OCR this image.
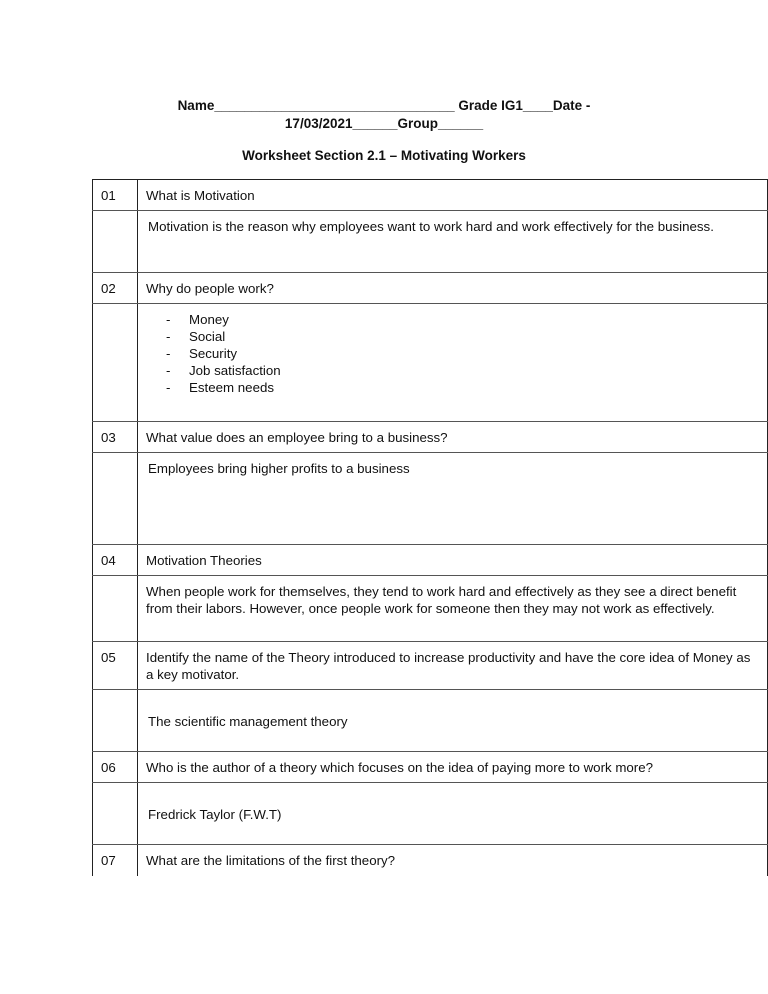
Name________________________________ Grade IG1____Date -
17/03/2021______Group______
Worksheet Section 2.1 – Motivating Workers
01	What is Motivation
	Motivation is the reason why employees want to work hard and work effectively for the business.
02	Why do people work?

- Money
- Social
- Security
- Job satisfaction
- Esteem needs

03	What value does an employee bring to a business?
	Employees bring higher profits to a business
04	Motivation Theories
	When people work for themselves, they tend to work hard and effectively as they see a direct benefit from their labors. However, once people work for someone then they may not work as effectively.
05	Identify the name of the Theory introduced to increase productivity and have the core idea of Money as a key motivator.
	The scientific management theory
06	Who is the author of a theory which focuses on the idea of paying more to work more?
	Fredrick Taylor (F.W.T)
07	What are the limitations of the first theory?
